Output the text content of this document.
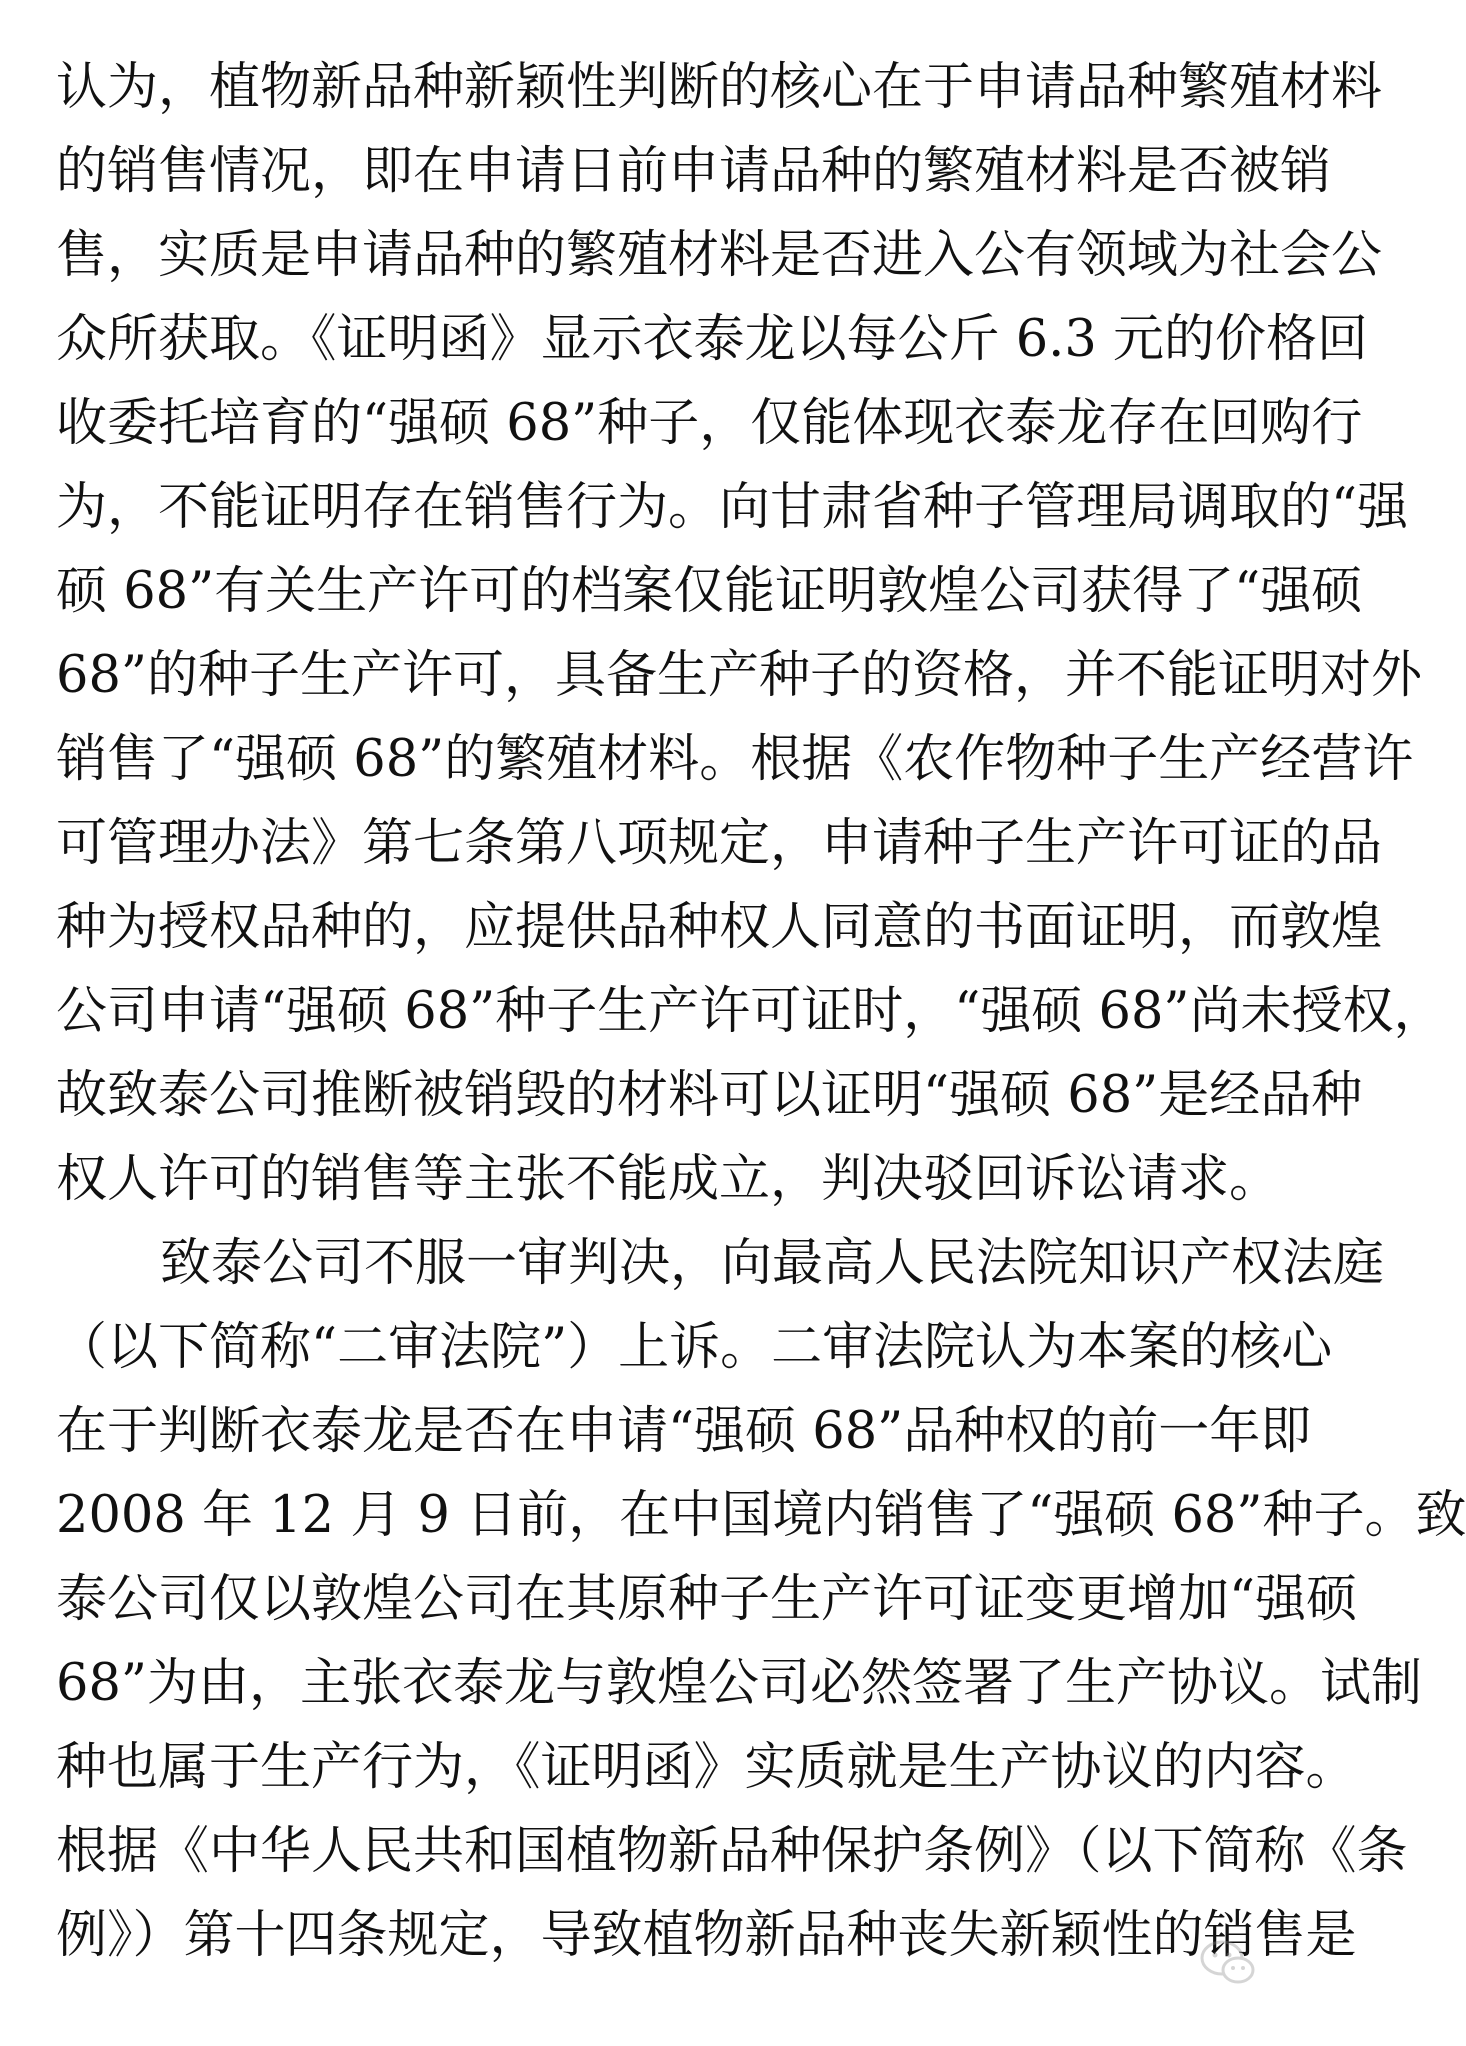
认为，植物新品种新颖性判断的核心在于申请品种繁殖材料
的销售情况，即在申请日前申请品种的繁殖材料是否被销
售，实质是申请品种的繁殖材料是否进入公有领域为社会公
众所获取。《证明函》显示衣泰龙以每公斤 6.3 元的价格回
收委托培育的“强硕 68”种子，仅能体现衣泰龙存在回购行
为，不能证明存在销售行为。向甘肃省种子管理局调取的“强
硕 68”有关生产许可的档案仅能证明敦煌公司获得了“强硕
68”的种子生产许可，具备生产种子的资格，并不能证明对外
销售了“强硕 68”的繁殖材料。根据《农作物种子生产经营许
可管理办法》第七条第八项规定，申请种子生产许可证的品
种为授权品种的，应提供品种权人同意的书面证明，而敦煌
公司申请“强硕 68”种子生产许可证时，“强硕 68”尚未授权，
故致泰公司推断被销毁的材料可以证明“强硕 68”是经品种
权人许可的销售等主张不能成立，判决驳回诉讼请求。
致泰公司不服一审判决，向最高人民法院知识产权法庭
（以下简称“二审法院”）上诉。二审法院认为本案的核心
在于判断衣泰龙是否在申请“强硕 68”品种权的前一年即
2008 年 12 月 9 日前，在中国境内销售了“强硕 68”种子。致
泰公司仅以敦煌公司在其原种子生产许可证变更增加“强硕
68”为由，主张衣泰龙与敦煌公司必然签署了生产协议。试制
种也属于生产行为，《证明函》实质就是生产协议的内容。
根据《中华人民共和国植物新品种保护条例》（以下简称《条
例》）第十四条规定，导致植物新品种丧失新颖性的销售是
